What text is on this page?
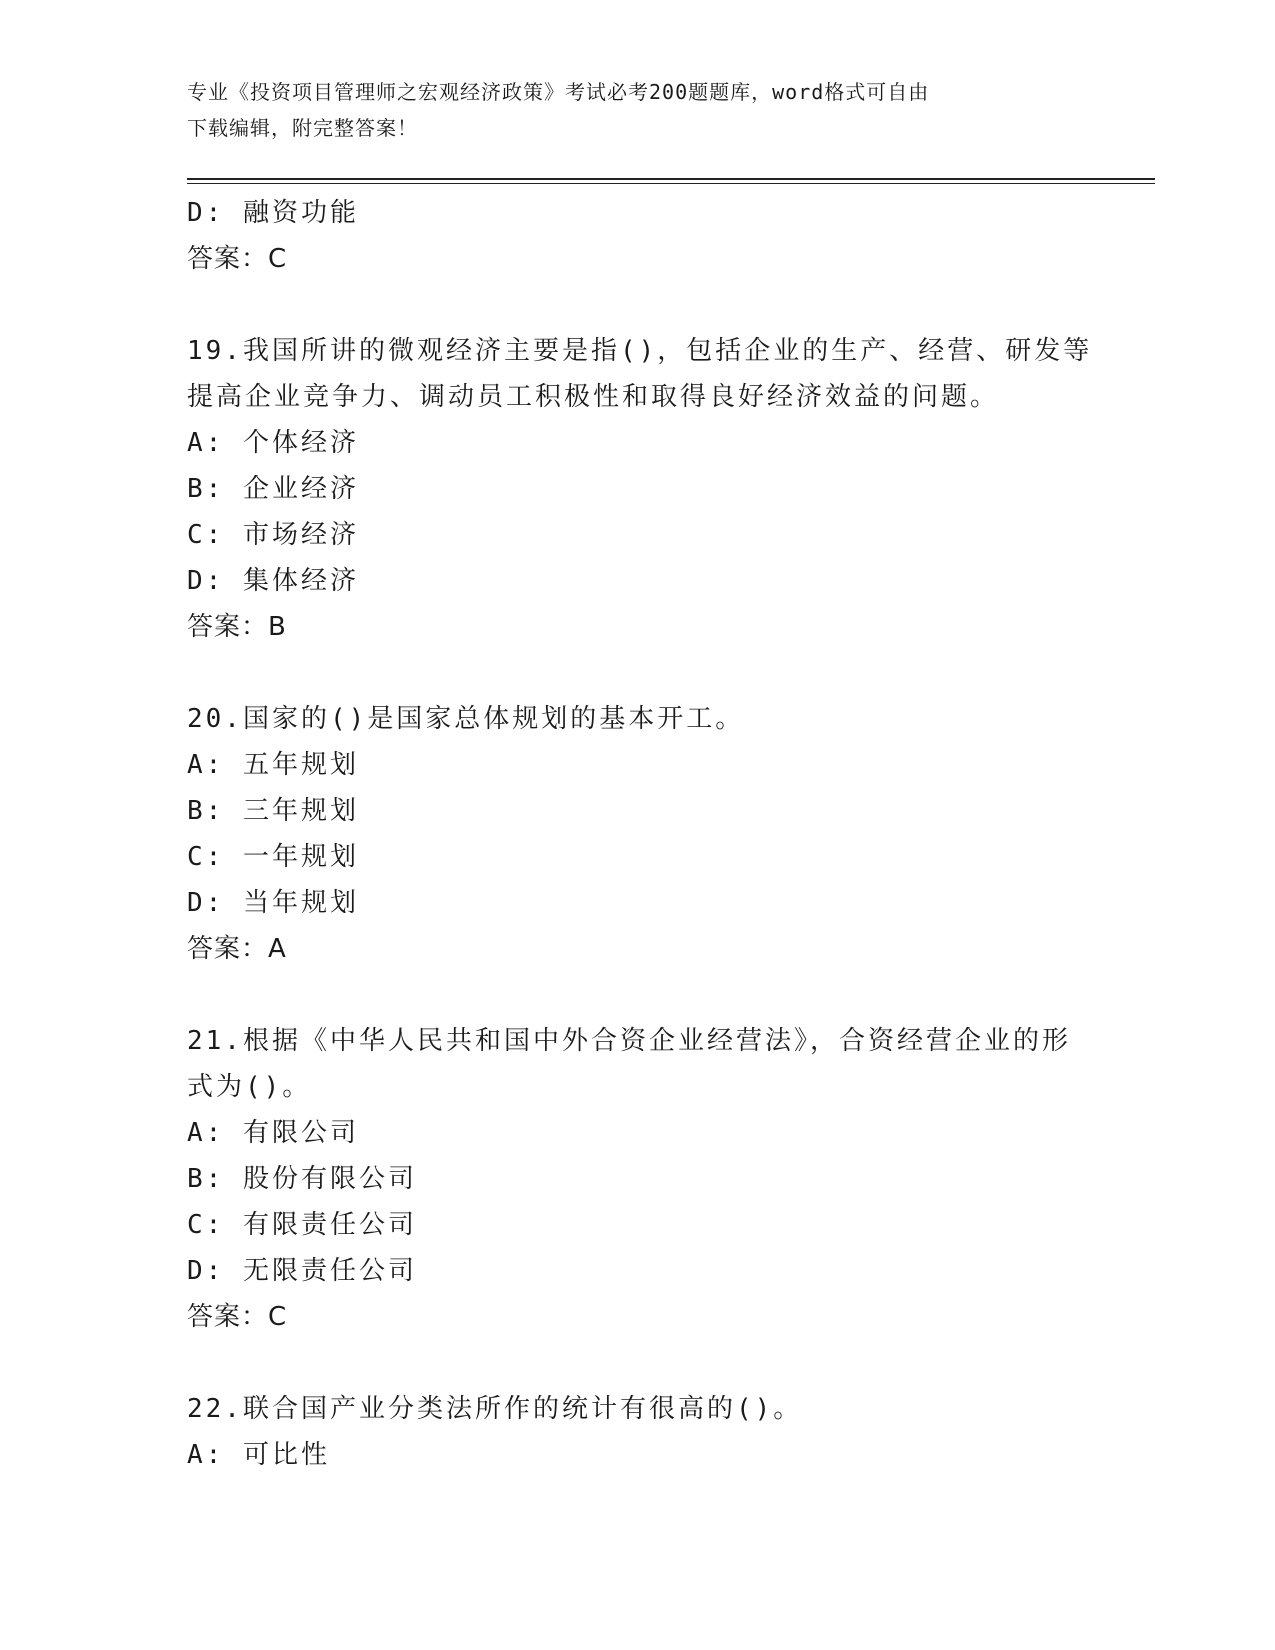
专业《投资项目管理师之宏观经济政策》考试必考200题题库，word格式可自由
下载编辑，附完整答案！
D: 融资功能
答案：C
19.我国所讲的微观经济主要是指()，包括企业的生产、经营、研发等
提高企业竞争力、调动员工积极性和取得良好经济效益的问题。
A: 个体经济
B: 企业经济
C: 市场经济
D: 集体经济
答案：B
20.国家的()是国家总体规划的基本开工。
A: 五年规划
B: 三年规划
C: 一年规划
D: 当年规划
答案：A
21.根据《中华人民共和国中外合资企业经营法》，合资经营企业的形
式为()。
A: 有限公司
B: 股份有限公司
C: 有限责任公司
D: 无限责任公司
答案：C
22.联合国产业分类法所作的统计有很高的()。
A: 可比性
